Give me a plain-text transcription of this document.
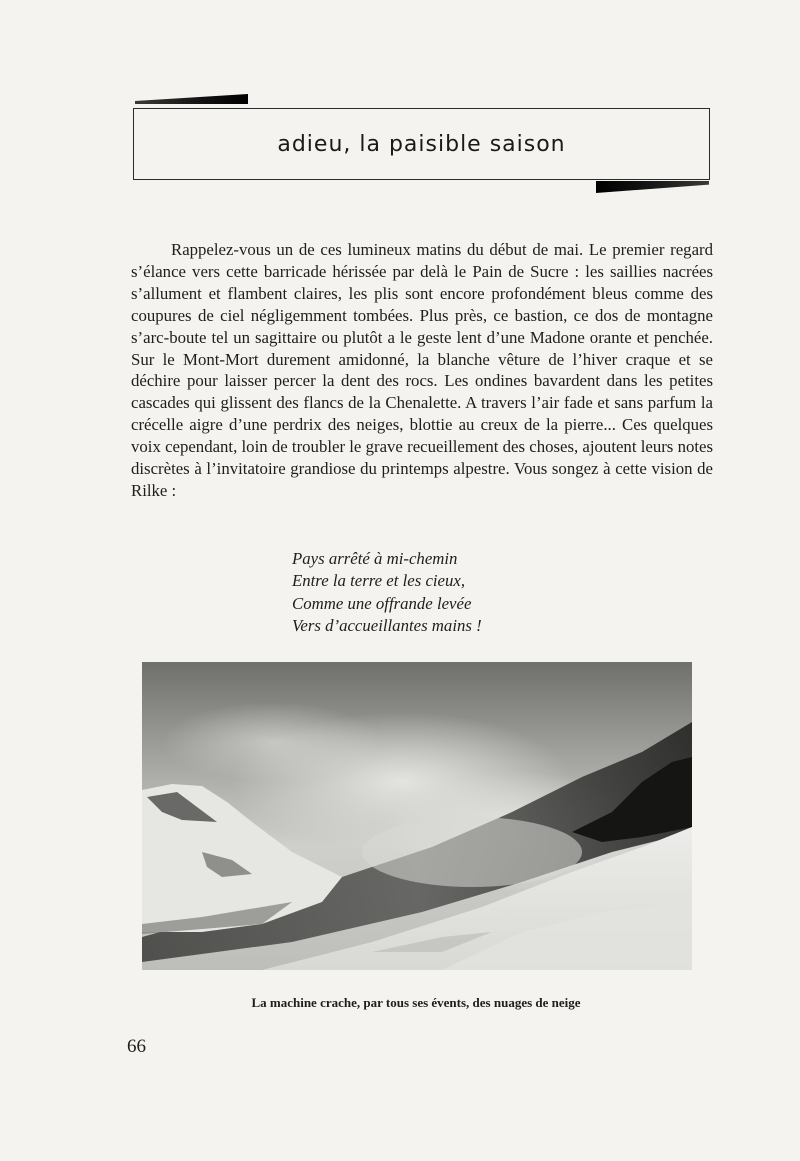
adieu, la paisible saison

Rappelez-vous un de ces lumineux matins du début de mai. Le premier regard s’élance vers cette barricade hérissée par delà le Pain de Sucre : les saillies nacrées s’allument et flambent claires, les plis sont encore profondément bleus comme des coupures de ciel négligemment tombées. Plus près, ce bastion, ce dos de montagne s’arc-boute tel un sagittaire ou plutôt a le geste lent d’une Madone orante et penchée. Sur le Mont-Mort durement amidonné, la blanche vêture de l’hiver craque et se déchire pour laisser percer la dent des rocs. Les ondines bavardent dans les petites cascades qui glissent des flancs de la Chenalette. A travers l’air fade et sans parfum la crécelle aigre d’une perdrix des neiges, blottie au creux de la pierre... Ces quelques voix cependant, loin de troubler le grave recueillement des choses, ajoutent leurs notes discrètes à l’invitatoire grandiose du printemps alpestre. Vous songez à cette vision de Rilke :

Pays arrêté à mi-chemin
Entre la terre et les cieux,
Comme une offrande levée
Vers d’accueillantes mains !

La machine crache, par tous ses évents, des nuages de neige

66
